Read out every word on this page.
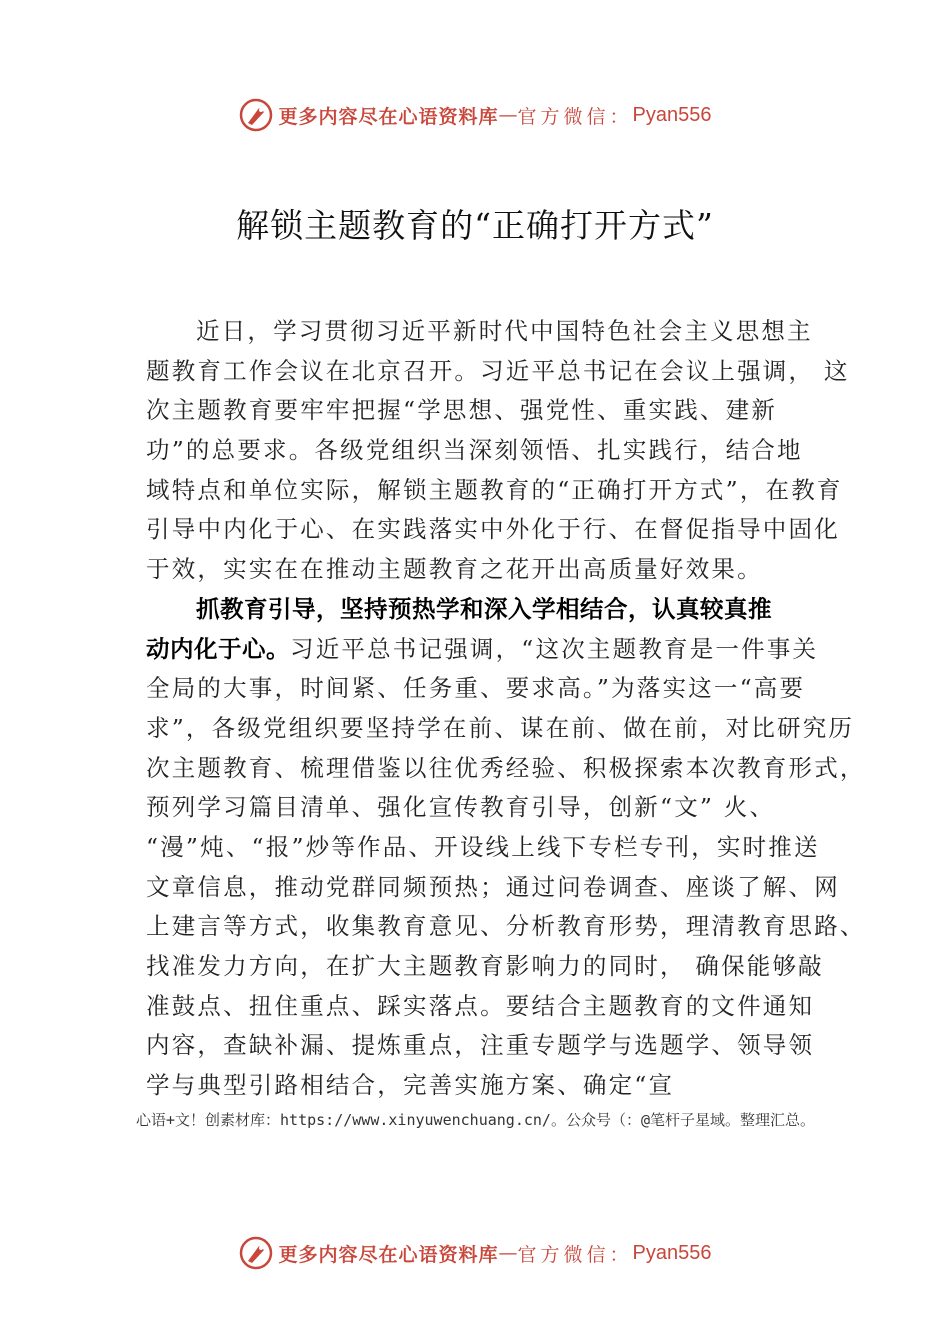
更多内容尽在心语资料库 — 官方微信： Pyan556
解锁主题教育的“正确打开方式”
近日，学习贯彻习近平新时代中国特色社会主义思想主
题教育工作会议在北京召开。习近平总书记在会议上强调， 这
次主题教育要牢牢把握“学思想、强党性、重实践、建新
功”的总要求。各级党组织当深刻领悟、扎实践行，结合地
域特点和单位实际，解锁主题教育的“正确打开方式”，在教育
引导中内化于心、在实践落实中外化于行、在督促指导中固化
于效，实实在在推动主题教育之花开出高质量好效果。
抓教育引导，坚持预热学和深入学相结合，认真较真推
动内化于心。习近平总书记强调，“这次主题教育是一件事关
全局的大事，时间紧、任务重、要求高。”为落实这一“高要
求”，各级党组织要坚持学在前、谋在前、做在前，对比研究历
次主题教育、梳理借鉴以往优秀经验、积极探索本次教育形式，
预列学习篇目清单、强化宣传教育引导，创新“文” 火、
“漫”炖、“报”炒等作品、开设线上线下专栏专刊，实时推送
文章信息，推动党群同频预热；通过问卷调查、座谈了解、网
上建言等方式，收集教育意见、分析教育形势，理清教育思路、
找准发力方向，在扩大主题教育影响力的同时， 确保能够敲
准鼓点、扭住重点、踩实落点。要结合主题教育的文件通知
内容，查缺补漏、提炼重点，注重专题学与选题学、领导领
学与典型引路相结合，完善实施方案、确定“宣
心语+文！创素材库：https://www.xinyuwenchuang.cn/。公众号（：@笔杆子星域。整理汇总。
更多内容尽在心语资料库 — 官方微信： Pyan556
